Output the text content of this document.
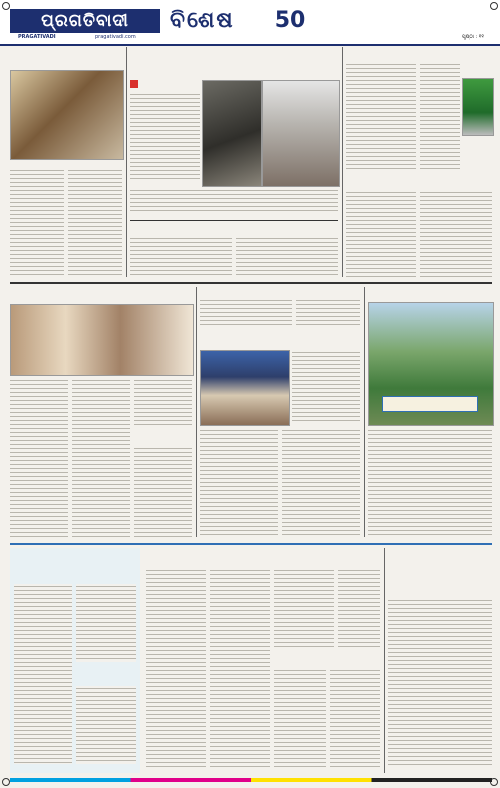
ପ୍ରଗତିବାଦୀ
PRAGATIVADI	pragativadi.com
ବିଶେଷ	50
ପୃଷ୍ଠା : ୧୧
